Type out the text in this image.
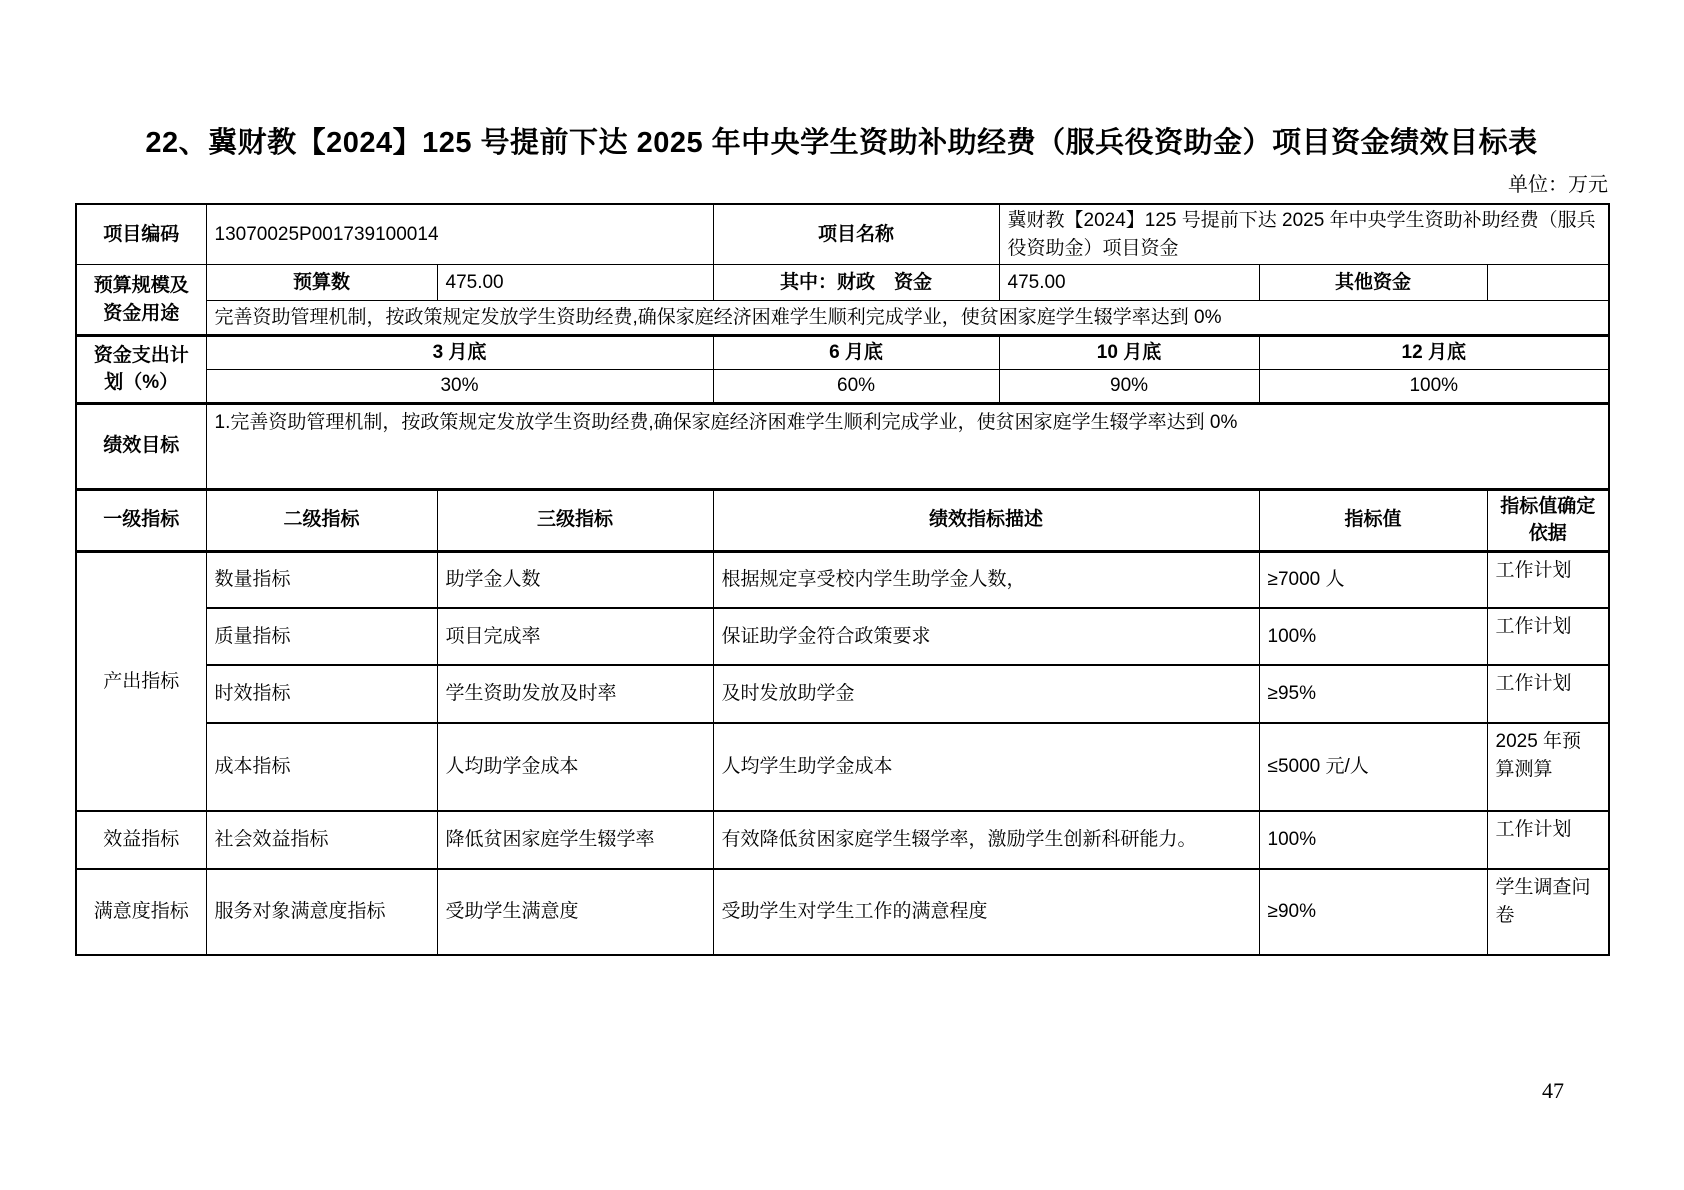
22、冀财教【2024】125 号提前下达 2025 年中央学生资助补助经费（服兵役资助金）项目资金绩效目标表
单位：万元
项目编码	13070025P001739100014		项目名称	冀财教【2024】125 号提前下达 2025 年中央学生资助补助经费（服兵役资助金）项目资金		
预算规模及资金用途	预算数	475.00	其中：财政　资金	475.00	其他资金	
	完善资助管理机制，按政策规定发放学生资助经费,确保家庭经济困难学生顺利完成学业，使贫困家庭学生辍学率达到 0%					
资金支出计划（%）	3 月底		6 月底	10 月底	12 月底	
	30%		60%	90%	100%	
绩效目标	1.完善资助管理机制，按政策规定发放学生资助经费,确保家庭经济困难学生顺利完成学业，使贫困家庭学生辍学率达到 0%					
一级指标	二级指标	三级指标	绩效指标描述		指标值	指标值确定依据
产出指标	数量指标	助学金人数	根据规定享受校内学生助学金人数，		≥7000 人	工作计划
	质量指标	项目完成率	保证助学金符合政策要求		100%	工作计划
	时效指标	学生资助发放及时率	及时发放助学金		≥95%	工作计划
	成本指标	人均助学金成本	人均学生助学金成本		≤5000 元/人	2025 年预算测算
效益指标	社会效益指标	降低贫困家庭学生辍学率	有效降低贫困家庭学生辍学率，激励学生创新科研能力。		100%	工作计划
满意度指标	服务对象满意度指标	受助学生满意度	受助学生对学生工作的满意程度		≥90%	学生调查问卷
47
